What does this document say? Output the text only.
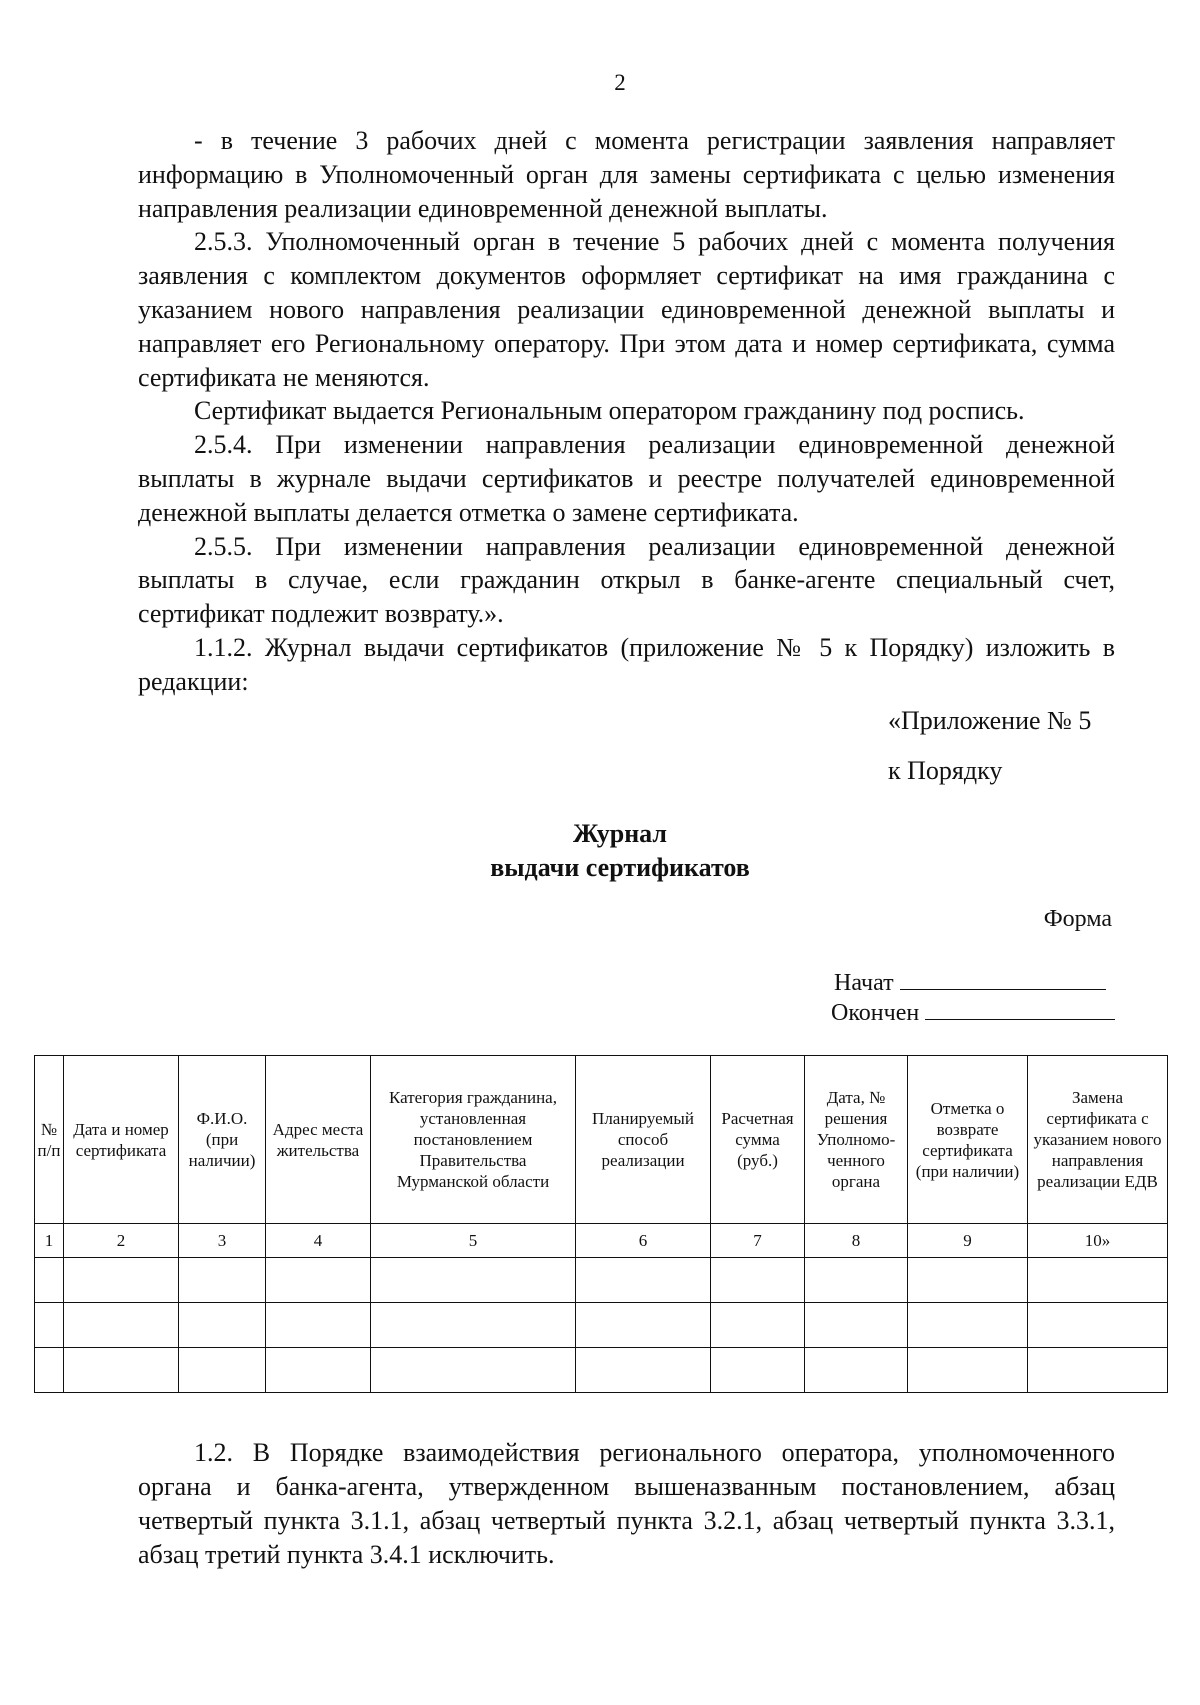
2

- в течение 3 рабочих дней с момента регистрации заявления направляет информацию в Уполномоченный орган для замены сертификата с целью изменения направления реализации единовременной денежной выплаты.

2.5.3. Уполномоченный орган в течение 5 рабочих дней с момента получения заявления с комплектом документов оформляет сертификат на имя гражданина с указанием нового направления реализации единовременной денежной выплаты и направляет его Региональному оператору. При этом дата и номер сертификата, сумма сертификата не меняются.

Сертификат выдается Региональным оператором гражданину под роспись.

2.5.4. При изменении направления реализации единовременной денежной выплаты в журнале выдачи сертификатов и реестре получателей единовременной денежной выплаты делается отметка о замене сертификата.

2.5.5. При изменении направления реализации единовременной денежной выплаты в случае, если гражданин открыл в банке-агенте специальный счет, сертификат подлежит возврату.».

1.1.2. Журнал выдачи сертификатов (приложение № 5 к Порядку) изложить в редакции:

«Приложение № 5
к Порядку
Журнал
выдачи сертификатов
Форма
Начат
Окончен
№ п/п	Дата и номер сертификата	Ф.И.О. (при наличии)	Адрес места жительства	Категория гражданина, установленная постановлением Правительства Мурманской области	Планируемый способ реализации	Расчетная сумма (руб.)	Дата, № решения Уполномо-ченного органа	Отметка о возврате сертификата (при наличии)	Замена сертификата с указанием нового направления реализации ЕДВ
1	2	3	4	5	6	7	8	9	10»

1.2. В Порядке взаимодействия регионального оператора, уполномоченного органа и банка-агента, утвержденном вышеназванным постановлением, абзац четвертый пункта 3.1.1, абзац четвертый пункта 3.2.1, абзац четвертый пункта 3.3.1, абзац третий пункта 3.4.1 исключить.
